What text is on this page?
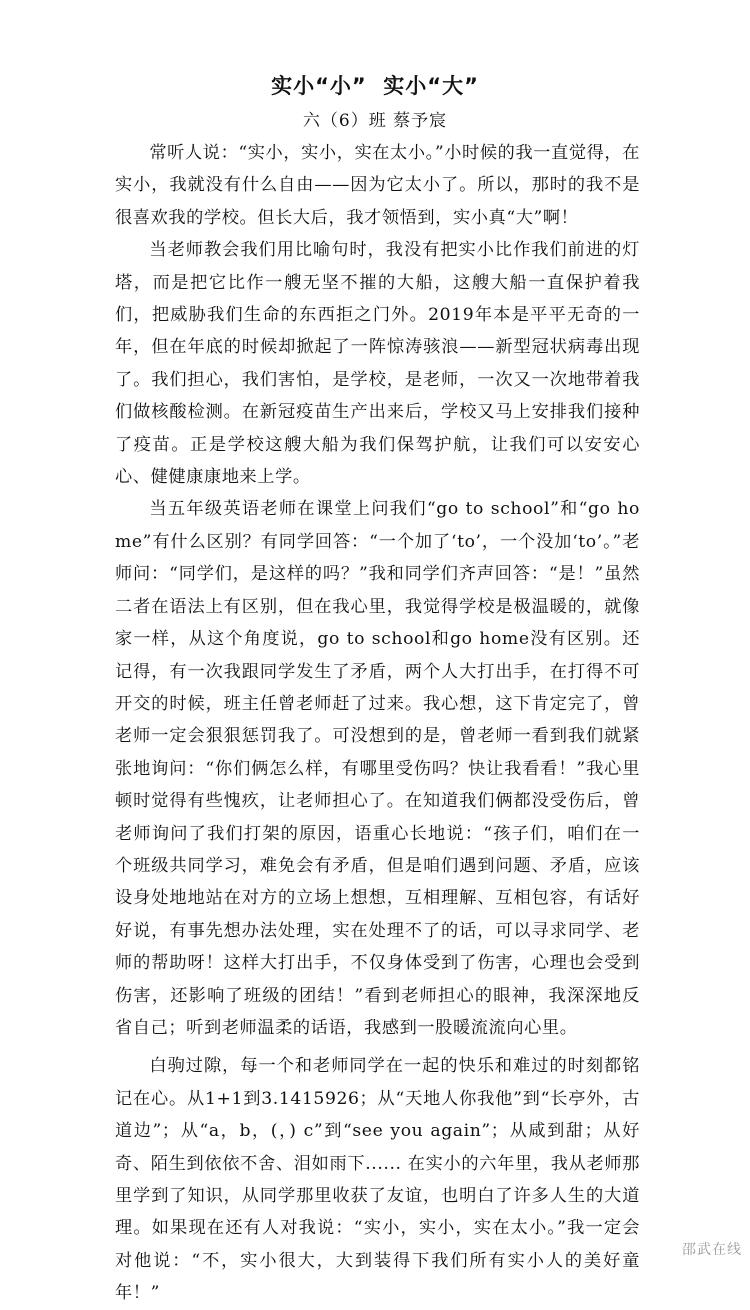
实小“小”  实小“大”
六（6）班 蔡予宸

常听人说：“实小，实小，实在太小。”小时候的我一直觉得，在实小，我就没有什么自由——因为它太小了。所以，那时的我不是很喜欢我的学校。但长大后，我才领悟到，实小真“大”啊！

当老师教会我们用比喻句时，我没有把实小比作我们前进的灯塔，而是把它比作一艘无坚不摧的大船，这艘大船一直保护着我们，把威胁我们生命的东西拒之门外。2019年本是平平无奇的一年，但在年底的时候却掀起了一阵惊涛骇浪——新型冠状病毒出现了。我们担心，我们害怕，是学校，是老师，一次又一次地带着我们做核酸检测。在新冠疫苗生产出来后，学校又马上安排我们接种了疫苗。正是学校这艘大船为我们保驾护航，让我们可以安安心心、健健康康地来上学。

当五年级英语老师在课堂上问我们“go to school”和“go home”有什么区别？有同学回答：“一个加了‘to’，一个没加‘to’。”老师问：“同学们，是这样的吗？”我和同学们齐声回答：“是！”虽然二者在语法上有区别，但在我心里，我觉得学校是极温暖的，就像家一样，从这个角度说，go to school和go home没有区别。还记得，有一次我跟同学发生了矛盾，两个人大打出手，在打得不可开交的时候，班主任曾老师赶了过来。我心想，这下肯定完了，曾老师一定会狠狠惩罚我了。可没想到的是，曾老师一看到我们就紧张地询问：“你们俩怎么样，有哪里受伤吗？快让我看看！”我心里顿时觉得有些愧疚，让老师担心了。在知道我们俩都没受伤后，曾老师询问了我们打架的原因，语重心长地说：“孩子们，咱们在一个班级共同学习，难免会有矛盾，但是咱们遇到问题、矛盾，应该设身处地地站在对方的立场上想想，互相理解、互相包容，有话好好说，有事先想办法处理，实在处理不了的话，可以寻求同学、老师的帮助呀！这样大打出手，不仅身体受到了伤害，心理也会受到伤害，还影响了班级的团结！”看到老师担心的眼神，我深深地反省自己；听到老师温柔的话语，我感到一股暖流流向心里。

白驹过隙，每一个和老师同学在一起的快乐和难过的时刻都铭记在心。从1+1到3.1415926；从“天地人你我他”到“长亭外，古道边”；从“a，b，(，) c”到“see you again”；从咸到甜；从好奇、陌生到依依不舍、泪如雨下...... 在实小的六年里，我从老师那里学到了知识，从同学那里收获了友谊，也明白了许多人生的大道理。如果现在还有人对我说：“实小，实小，实在太小。”我一定会对他说：“不，实小很大，大到装得下我们所有实小人的美好童年！”

邵武在线
